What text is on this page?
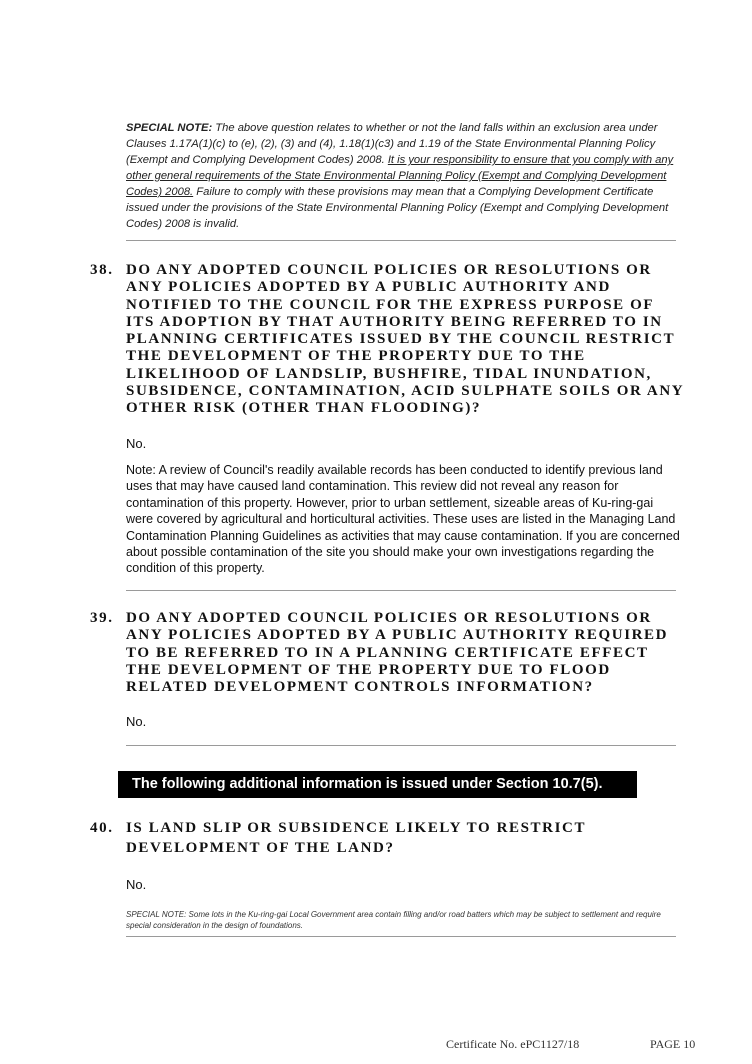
SPECIAL NOTE: The above question relates to whether or not the land falls within an exclusion area under Clauses 1.17A(1)(c) to (e), (2), (3) and (4), 1.18(1)(c3) and 1.19 of the State Environmental Planning Policy (Exempt and Complying Development Codes) 2008. It is your responsibility to ensure that you comply with any other general requirements of the State Environmental Planning Policy (Exempt and Complying Development Codes) 2008. Failure to comply with these provisions may mean that a Complying Development Certificate issued under the provisions of the State Environmental Planning Policy (Exempt and Complying Development Codes) 2008 is invalid.
38. DO ANY ADOPTED COUNCIL POLICIES OR RESOLUTIONS OR ANY POLICIES ADOPTED BY A PUBLIC AUTHORITY AND NOTIFIED TO THE COUNCIL FOR THE EXPRESS PURPOSE OF ITS ADOPTION BY THAT AUTHORITY BEING REFERRED TO IN PLANNING CERTIFICATES ISSUED BY THE COUNCIL RESTRICT THE DEVELOPMENT OF THE PROPERTY DUE TO THE LIKELIHOOD OF LANDSLIP, BUSHFIRE, TIDAL INUNDATION, SUBSIDENCE, CONTAMINATION, ACID SULPHATE SOILS OR ANY OTHER RISK (OTHER THAN FLOODING)?
No.
Note: A review of Council's readily available records has been conducted to identify previous land uses that may have caused land contamination. This review did not reveal any reason for contamination of this property. However, prior to urban settlement, sizeable areas of Ku-ring-gai were covered by agricultural and horticultural activities. These uses are listed in the Managing Land Contamination Planning Guidelines as activities that may cause contamination. If you are concerned about possible contamination of the site you should make your own investigations regarding the condition of this property.
39. DO ANY ADOPTED COUNCIL POLICIES OR RESOLUTIONS OR ANY POLICIES ADOPTED BY A PUBLIC AUTHORITY REQUIRED TO BE REFERRED TO IN A PLANNING CERTIFICATE EFFECT THE DEVELOPMENT OF THE PROPERTY DUE TO FLOOD RELATED DEVELOPMENT CONTROLS INFORMATION?
No.
The following additional information is issued under Section 10.7(5).
40. IS LAND SLIP OR SUBSIDENCE LIKELY TO RESTRICT
DEVELOPMENT OF THE LAND?
No.
SPECIAL NOTE: Some lots in the Ku-ring-gai Local Government area contain filling and/or road batters which may be subject to settlement and require special consideration in the design of foundations.
Certificate No. ePC1127/18	PAGE 10
